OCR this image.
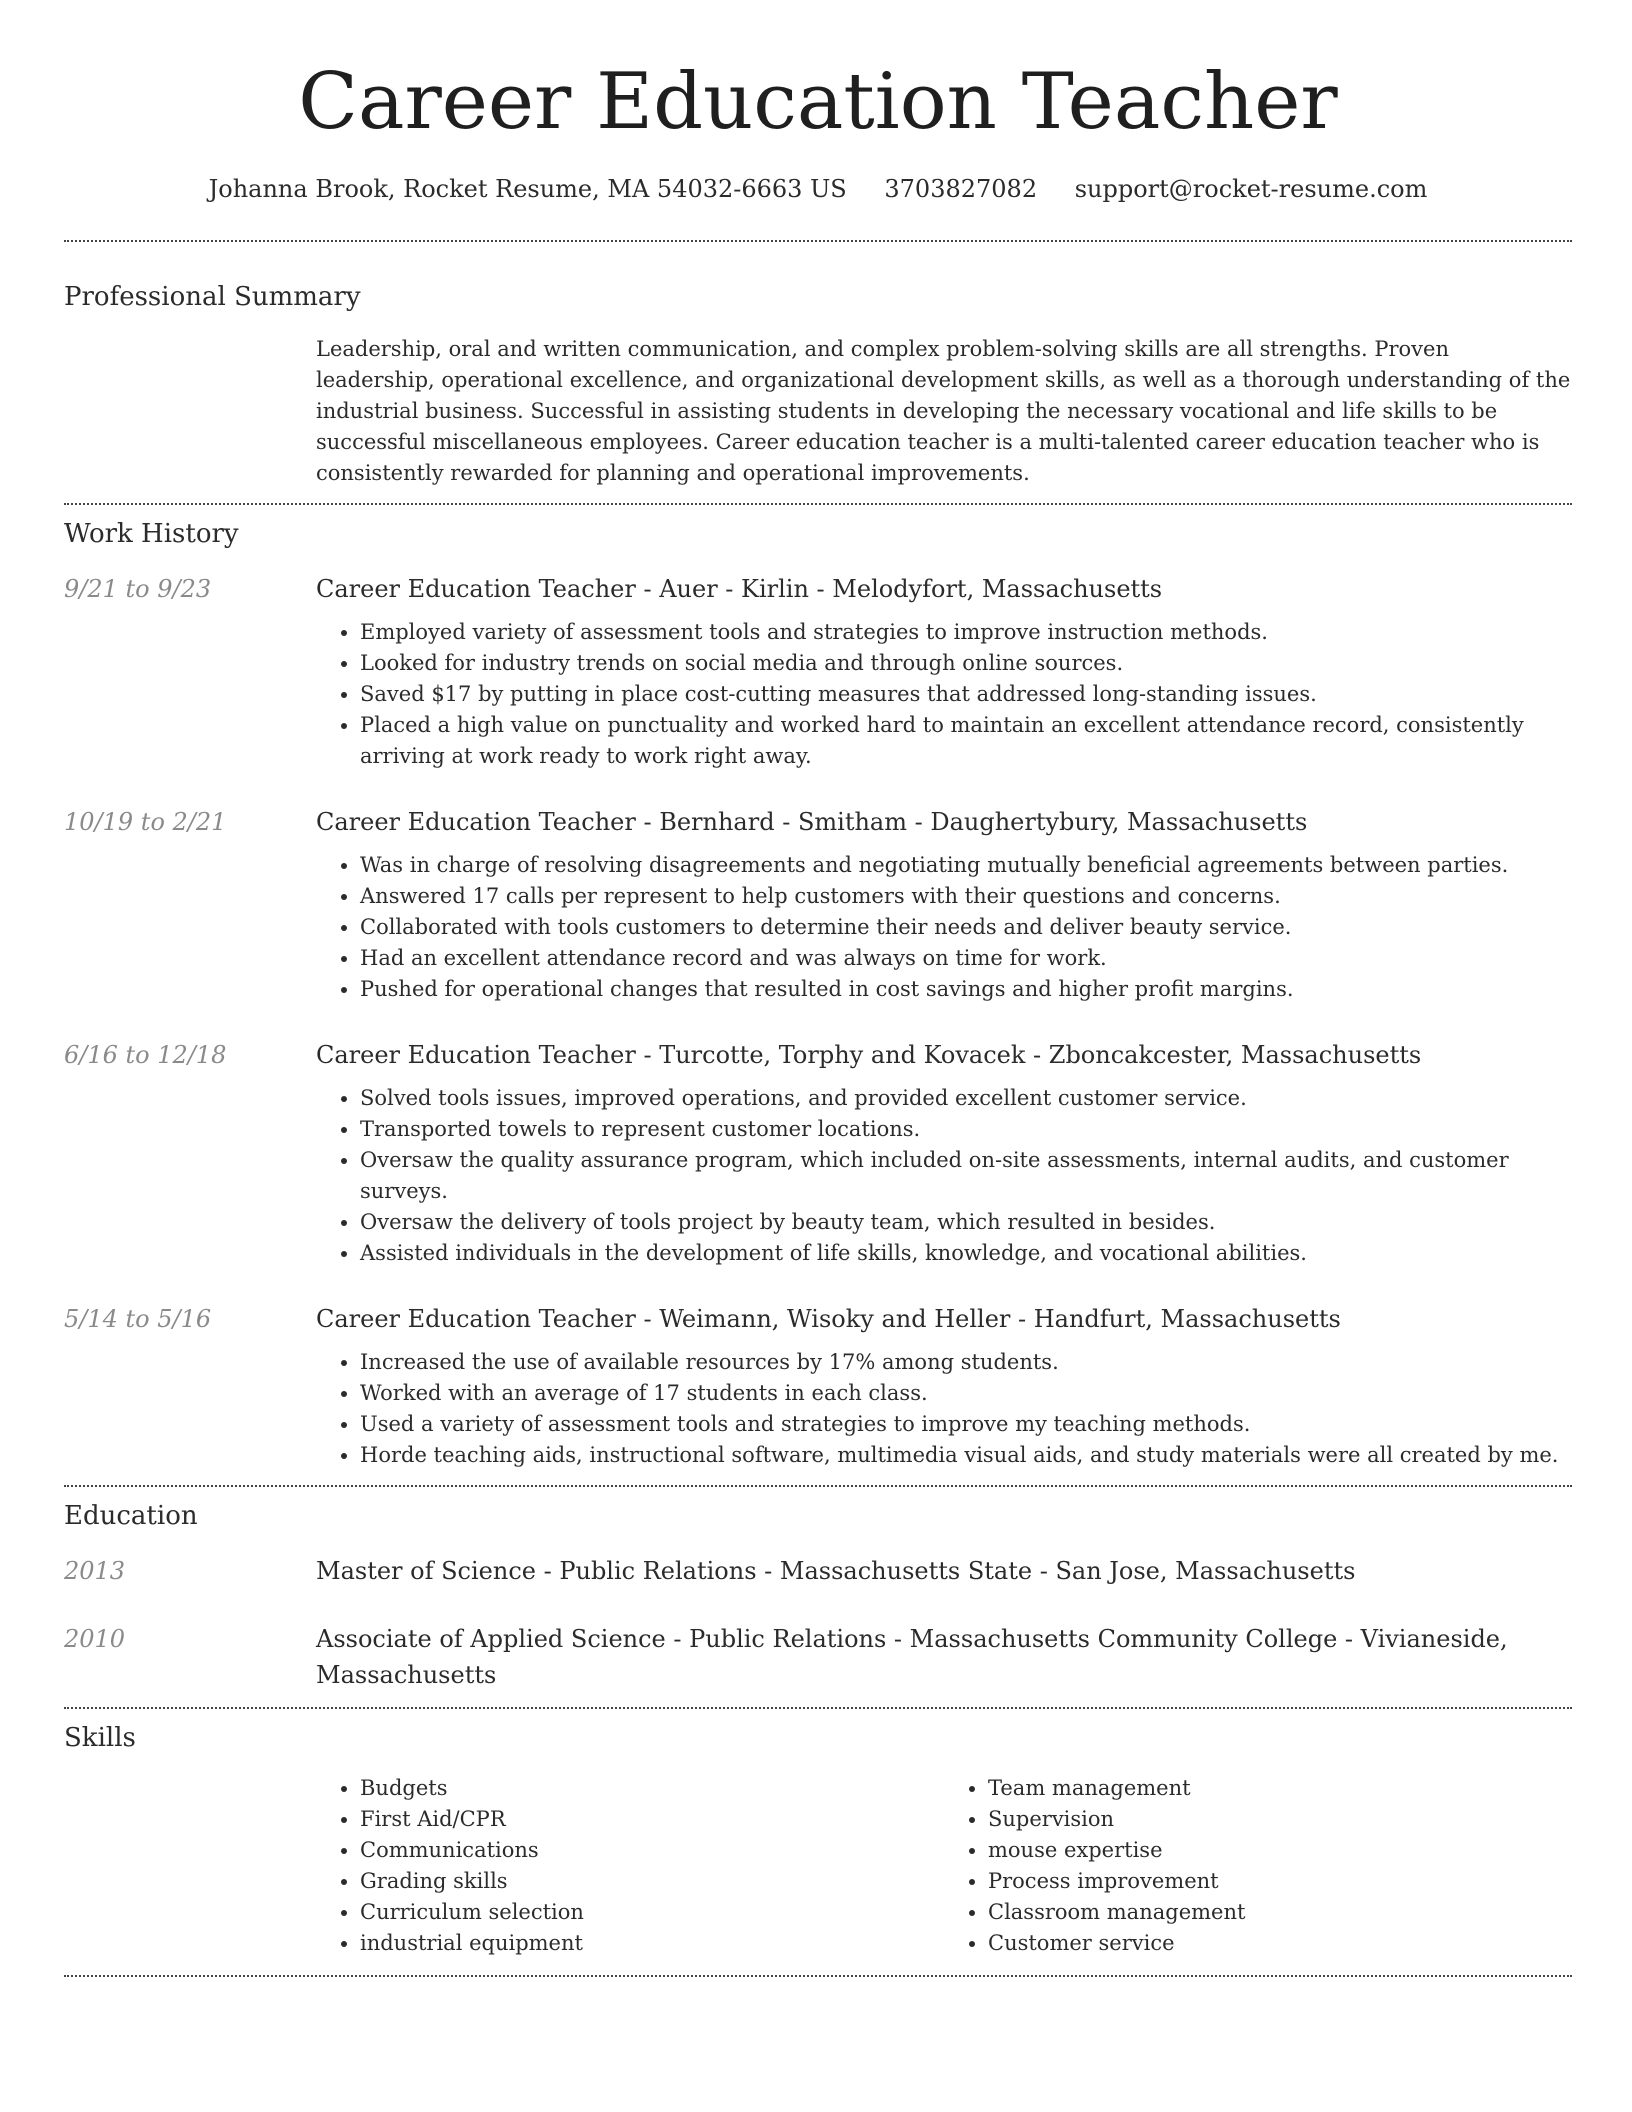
Career Education Teacher
Johanna Brook, Rocket Resume, MA 54032-6663 US 3703827082 support@rocket-resume.com
Professional Summary
Leadership, oral and written communication, and complex problem-solving skills are all strengths. Proven leadership, operational excellence, and organizational development skills, as well as a thorough understanding of the industrial business. Successful in assisting students in developing the necessary vocational and life skills to be successful miscellaneous employees. Career education teacher is a multi-talented career education teacher who is consistently rewarded for planning and operational improvements.
Work History
9/21 to 9/23	Career Education Teacher - Auer - Kirlin - Melodyfort, Massachusetts
• Employed variety of assessment tools and strategies to improve instruction methods.
• Looked for industry trends on social media and through online sources.
• Saved $17 by putting in place cost-cutting measures that addressed long-standing issues.
• Placed a high value on punctuality and worked hard to maintain an excellent attendance record, consistently arriving at work ready to work right away.
10/19 to 2/21	Career Education Teacher - Bernhard - Smitham - Daughertybury, Massachusetts
• Was in charge of resolving disagreements and negotiating mutually beneficial agreements between parties.
• Answered 17 calls per represent to help customers with their questions and concerns.
• Collaborated with tools customers to determine their needs and deliver beauty service.
• Had an excellent attendance record and was always on time for work.
• Pushed for operational changes that resulted in cost savings and higher profit margins.
6/16 to 12/18	Career Education Teacher - Turcotte, Torphy and Kovacek - Zboncakcester, Massachusetts
• Solved tools issues, improved operations, and provided excellent customer service.
• Transported towels to represent customer locations.
• Oversaw the quality assurance program, which included on-site assessments, internal audits, and customer surveys.
• Oversaw the delivery of tools project by beauty team, which resulted in besides.
• Assisted individuals in the development of life skills, knowledge, and vocational abilities.
5/14 to 5/16	Career Education Teacher - Weimann, Wisoky and Heller - Handfurt, Massachusetts
• Increased the use of available resources by 17% among students.
• Worked with an average of 17 students in each class.
• Used a variety of assessment tools and strategies to improve my teaching methods.
• Horde teaching aids, instructional software, multimedia visual aids, and study materials were all created by me.
Education
2013	Master of Science - Public Relations - Massachusetts State - San Jose, Massachusetts
2010	Associate of Applied Science - Public Relations - Massachusetts Community College - Vivianeside, Massachusetts
Skills
• Budgets
• First Aid/CPR
• Communications
• Grading skills
• Curriculum selection
• industrial equipment
• Team management
• Supervision
• mouse expertise
• Process improvement
• Classroom management
• Customer service
